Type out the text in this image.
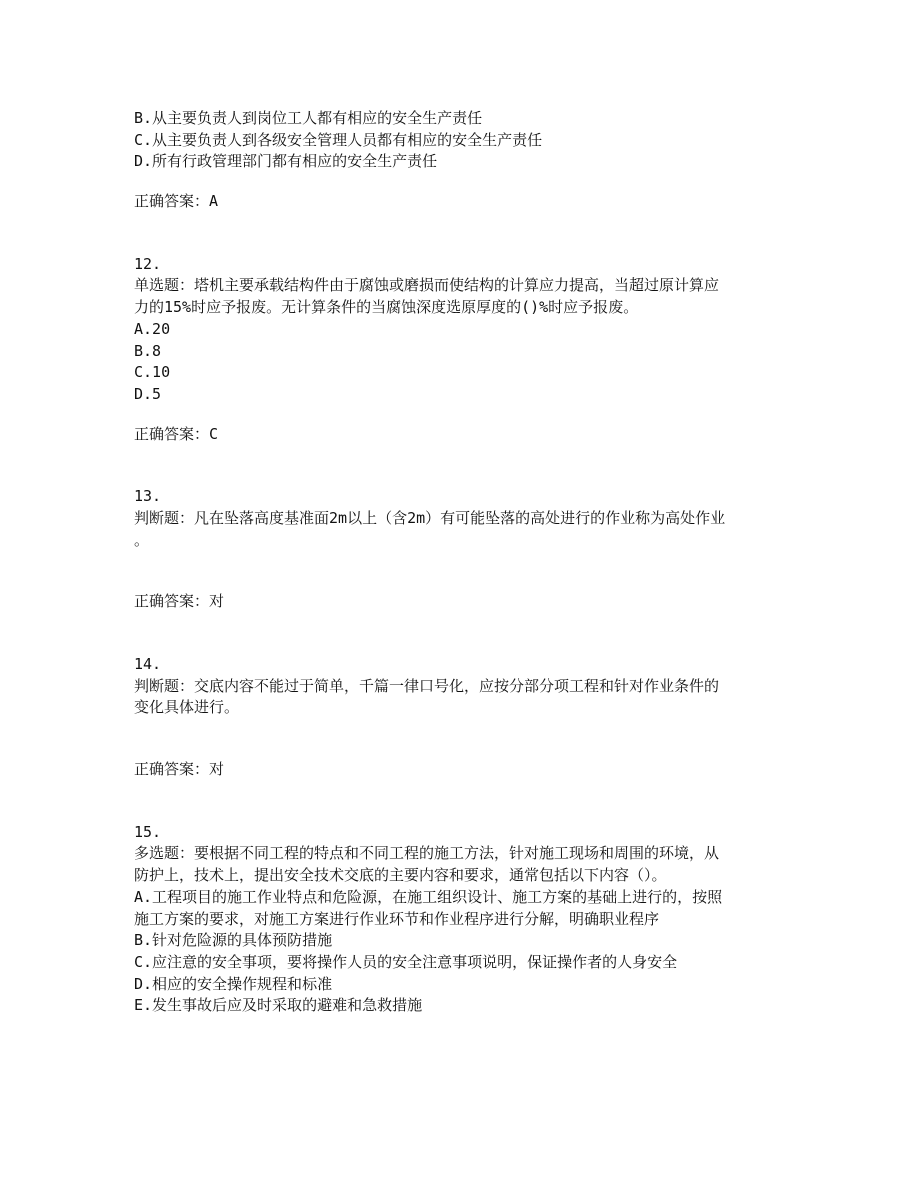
B.从主要负责人到岗位工人都有相应的安全生产责任
C.从主要负责人到各级安全管理人员都有相应的安全生产责任
D.所有行政管理部门都有相应的安全生产责任
正确答案：A
12.
单选题：塔机主要承载结构件由于腐蚀或磨损而使结构的计算应力提高，当超过原计算应
力的15%时应予报废。无计算条件的当腐蚀深度选原厚度的()%时应予报废。
A.20
B.8
C.10
D.5
正确答案：C
13.
判断题：凡在坠落高度基准面2m以上（含2m）有可能坠落的高处进行的作业称为高处作业
。
正确答案：对
14.
判断题：交底内容不能过于简单，千篇一律口号化，应按分部分项工程和针对作业条件的
变化具体进行。
正确答案：对
15.
多选题：要根据不同工程的特点和不同工程的施工方法，针对施工现场和周围的环境，从
防护上，技术上，提出安全技术交底的主要内容和要求，通常包括以下内容（）。
A.工程项目的施工作业特点和危险源，在施工组织设计、施工方案的基础上进行的，按照
施工方案的要求，对施工方案进行作业环节和作业程序进行分解，明确职业程序
B.针对危险源的具体预防措施
C.应注意的安全事项，要将操作人员的安全注意事项说明，保证操作者的人身安全
D.相应的安全操作规程和标准
E.发生事故后应及时采取的避难和急救措施
